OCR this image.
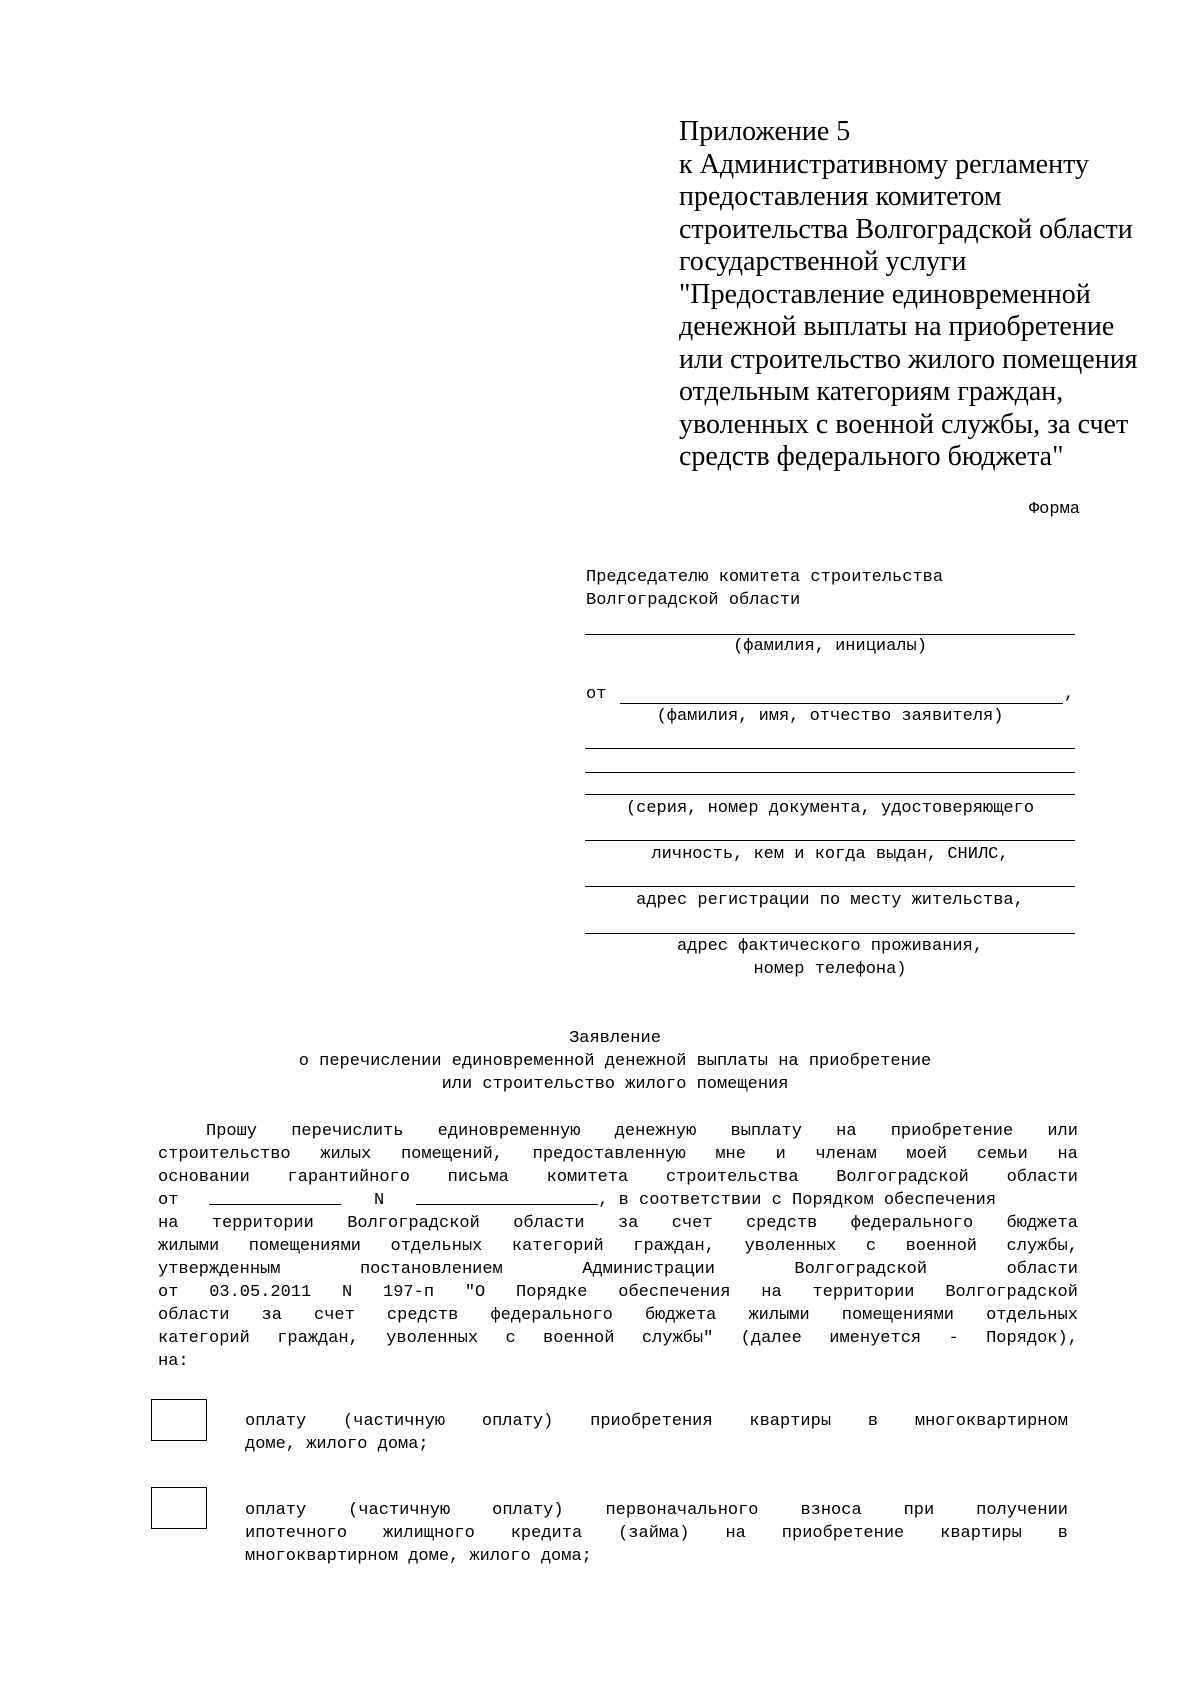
Приложение 5
к Административному регламенту
предоставления комитетом
строительства Волгоградской области
государственной услуги
"Предоставление единовременной
денежной выплаты на приобретение
или строительство жилого помещения
отдельным категориям граждан,
уволенных с военной службы, за счет
средств федерального бюджета"
Форма
Председателю комитета строительства
Волгоградской области
(фамилия, инициалы)
от	,
(фамилия, имя, отчество заявителя)
(серия, номер документа, удостоверяющего
личность, кем и когда выдан, СНИЛС,
адрес регистрации по месту жительства,
адрес фактического проживания,
номер телефона)
Заявление
о перечислении единовременной денежной выплаты на приобретение
или строительство жилого помещения
Прошу перечислить единовременную денежную выплату на приобретение или
строительство жилых помещений, предоставленную мне и членам моей семьи на
основании гарантийного письма комитета строительства Волгоградской области
от	N	, в соответствии с Порядком обеспечения
на территории Волгоградской области за счет средств федерального бюджета
жилыми помещениями отдельных категорий граждан, уволенных с военной службы,
утвержденным	постановлением	Администрации	Волгоградской	области
от 03.05.2011 N 197-п "О Порядке обеспечения на территории Волгоградской
области за счет средств федерального бюджета жилыми помещениями отдельных
категорий граждан, уволенных с военной службы" (далее именуется - Порядок),
на:
оплату (частичную оплату) приобретения квартиры в многоквартирном
доме, жилого дома;
оплату (частичную оплату) первоначального взноса при получении
ипотечного жилищного кредита (займа) на приобретение квартиры в
многоквартирном доме, жилого дома;
